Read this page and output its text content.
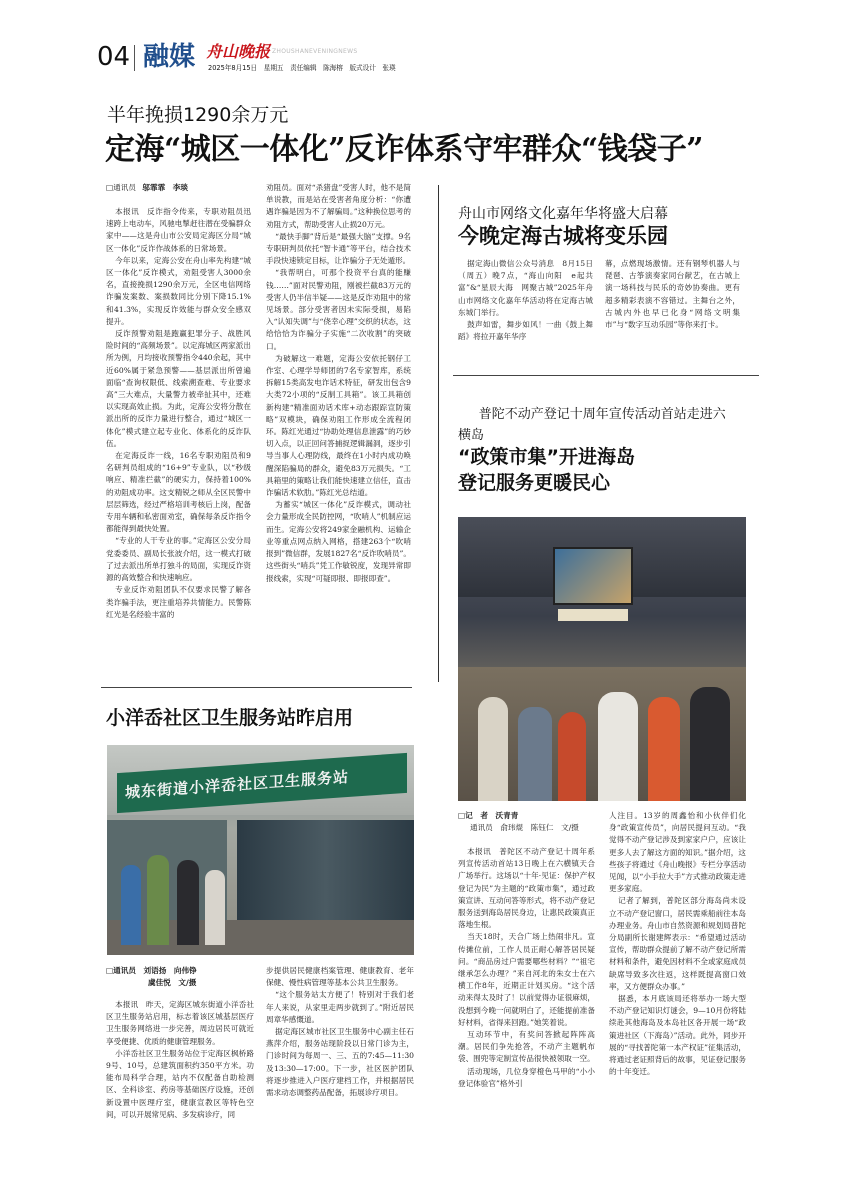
04 融媒 舟山晚报 ZHOUSHANEVENINGNEWS
2025年8月15日　星期五　责任编辑　陈海榕　版式设计　张瑛
半年挽损1290余万元
定海“城区一体化”反诈体系守牢群众“钱袋子”
□通讯员 邬霏霏　李琰

本报讯　反诈指令传来，专职劝阻员迅速跨上电动车，风驰电掣赶往潜在受骗群众家中——这是舟山市公安局定海区分局“城区一体化”反诈作战体系的日常场景。

今年以来，定海公安在舟山率先构建“城区一体化”反诈模式，劝阻受害人3000余名，直接挽损1290余万元，全区电信网络诈骗发案数、案损数同比分别下降15.1%和41.3%，实现反诈效能与群众安全感双提升。

反诈预警劝阻是跑赢犯罪分子、战胜风险时间的“高频场景”。以定海城区两家派出所为例，月均接收预警指令440余起，其中近60%属于紧急预警——基层派出所曾遍面临“查询权限低、线索溯查难、专业要求高”三大难点，大量警力被牵扯其中，还难以实现高效止损。为此，定海公安将分散在派出所的反诈力量进行整合，通过“城区一体化”模式建立起专业化、体系化的反诈队伍。

在定海反诈一线，16名专职劝阻员和9名研判员组成的“16+9”专业队，以“秒级响应、精准拦截”的硬实力，保持着100%的劝阻成功率。这支精锐之师从全区民警中层层筛选，经过严格培训考核后上岗，配备专用车辆和私密面劝室，确保每条反诈指令都能得到最快处置。

“专业的人干专业的事。”定海区公安分局党委委员、副局长张波介绍，这一模式打破了过去派出所单打独斗的局面，实现反诈资源的高效整合和快速响应。

专业反诈劝阻团队不仅要求民警了解各类诈骗手法，更注重培养共情能力。民警陈红光是名经验丰富的

劝阻员。面对“杀猪盘”受害人时，他不是简单说教，而是站在受害者角度分析：“你遭遇诈骗是因为不了解骗局。”这种换位思考的劝阻方式，帮助受害人止损20万元。

“最快手脚”背后是“最强大脑”支撑。9名专职研判员依托“智卡通”等平台，结合技术手段快速锁定目标，让诈骗分子无处遁形。

“我帮明白，可那个投资平台真的能赚钱……”面对民警劝阻，刚被拦截83万元的受害人仍半信半疑——这是反诈劝阻中的常见场景。部分受害者因未实际受损，易陷入“认知失调”与“侥幸心理”交织的状态，这给恰恰为诈骗分子实施“二次收割”的突破口。

为破解这一难题，定海公安依托钢仔工作室、心理学导师团的7名专家智库，系统拆解15类高发电诈话术特征，研发出包含9大类72小项的“反制工具箱”。该工具箱创新构建“精准面劝话术库+动态跟踪宣防策略”双模块，确保劝阻工作形成全流程闭环。陈红光通过“协助处理信息泄露”的巧妙切入点，以正回问答捕捉逻辑漏洞，逐步引导当事人心理防线，最终在1小时内成功唤醒深陷骗局的群众，避免83万元损失。“工具箱里的策略让我们能快速建立信任，直击诈骗话术软肋。”陈红光总结道。

为蓄实“城区一体化”反诈模式，调动社会力量形成全民防控网，“吹哨人”机制应运而生。定海公安将249家金融机构、运输企业等重点网点纳入网格，搭建263个“吹哨报到”微信群，发展1827名“反诈吹哨员”。这些街头“哨兵”凭工作敏锐度，发现异常即报线索，实现“可疑即报、即报即查”。

舟山市网络文化嘉年华将盛大启幕
今晚定海古城将变乐园

据定海山微信公众号消息　8月15日（周五）晚7点，“海山向阳　e起共富”&“星辰大海　网聚古城”2025年舟山市网络文化嘉年华活动将在定海古城东城门举行。

鼓声如雷，舞步如风！一曲《鼓上舞蹈》将拉开嘉年华序

幕，点燃现场激情。还有钢琴机器人与琵琶、古筝演奏家同台献艺，在古城上演一场科技与民乐的奇妙协奏曲。更有超多精彩表演不容错过。主舞台之外，古城内外也早已化身“网络文明集市”与“数字互动乐园”等你来打卡。

普陀不动产登记十周年宣传活动首站走进六横岛
“政策市集”开进海岛
登记服务更暖民心
□记　者　沃青青
通讯员　俞玮焜　陈钰仁　文/摄

本报讯　普陀区不动产登记十周年系列宣传活动首站13日晚上在六横镇天合广场举行。这场以“十年·见证：保护产权登记为民”为主题的“政策市集”，通过政策宣讲、互动问答等形式，将不动产登记服务送到海岛居民身边，让惠民政策真正落地生根。

当天18时，天合广场上热闹非凡。宣传摊位前，工作人员正耐心解答居民疑问。“商品房过户需要哪些材料？”“祖宅继承怎么办理？”来自河北的朱女士在六横工作8年，近期正计划买房。“这个活动来得太及时了！以前觉得办证很麻烦，没想到今晚一问就明白了，还能提前准备好材料，省得来回跑。”她笑着说。

互动环节中，有奖问答掀起阵阵高潮。居民们争先抢答，不动产主题帆布袋、围兜等定制宣传品很快被领取一空。

活动现场，几位身穿橙色马甲的“小小登记体验官”格外引

人注目。13岁的周鑫怡和小伙伴们化身“政策宣传员”，向居民提问互动。“我觉得不动产登记涉及到家家户户，应该让更多人去了解这方面的知识。”据介绍，这些孩子将通过《舟山晚报》专栏分享活动见闻，以“小手拉大手”方式推动政策走进更多家庭。

记者了解到，普陀区部分海岛尚未设立不动产登记窗口，居民需乘船前往本岛办理业务。舟山市自然资源和规划局普陀分局副所长谢建辉表示：“希望通过活动宣传，帮助群众提前了解不动产登记所需材料和条件，避免因材料不全或家庭成员缺席导致多次往返，这样既提高窗口效率，又方便群众办事。”

据悉，本月底该局还将举办一场大型不动产登记知识灯谜会，9—10月份将陆续赴其他海岛及本岛社区各开展一场“政策进社区（下海岛）”活动。此外，同步开展的“寻找普陀第一本产权证”征集活动，将通过老证照背后的故事，见证登记服务的十年变迁。

小洋岙社区卫生服务站昨启用
城东街道小洋岙社区卫生服务站
□通讯员　刘语扬　向伟铮
虞佳悦　文/摄

本报讯　昨天，定海区城东街道小洋岙社区卫生服务站启用，标志着该区城基层医疗卫生服务网络进一步完善，周边居民可就近享受便捷、优质的健康管理服务。

小洋岙社区卫生服务站位于定海区枫桥路9号、10号，总建筑面积约350平方米。功能布局科学合理，站内不仅配备自助检测区、全科诊室、药房等基础医疗设施，还创新设置中医理疗室，健康宣教区等特色空间，可以开展常见病、多发病诊疗，同

步提供居民健康档案管理、健康教育、老年保健、慢性病管理等基本公共卫生服务。

“这个服务站太方便了！特别对于我们老年人来说，从家里走两步就到了。”附近居民周章华感慨道。

据定海区城市社区卫生服务中心副主任石燕萍介绍，服务站现阶段以日常门诊为主，门诊时间为每周一、三、五的7:45—11:30及13:30—17:00。下一步，社区医护团队将逐步推进入户医疗建档工作，并根据居民需求动态调整药品配备，拓展诊疗项目。
